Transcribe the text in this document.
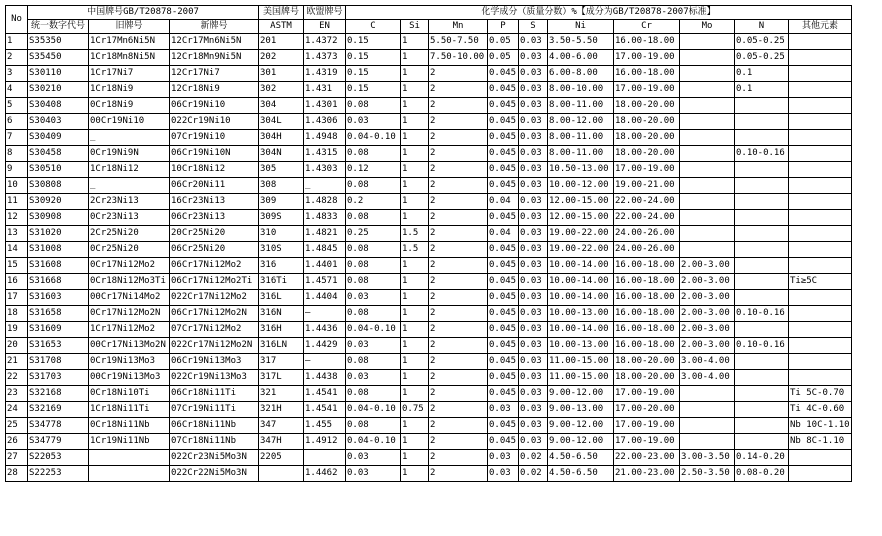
No	中国牌号GB/T20878-2007			美国牌号	欧盟牌号	化学成分（质量分数）%【成分为GB/T20878-2007标准】									
	统一数字代号	旧牌号	新牌号	ASTM	EN	C	Si	Mn	P	S	Ni	Cr	Mo	N	其他元素
1	S35350	1Cr17Mn6Ni5N	12Cr17Mn6Ni5N	201	1.4372	0.15	1	5.50-7.50	0.05	0.03	3.50-5.50	16.00-18.00		0.05-0.25	
2	S35450	1Cr18Mn8Ni5N	12Cr18Mn9Ni5N	202	1.4373	0.15	1	7.50-10.00	0.05	0.03	4.00-6.00	17.00-19.00		0.05-0.25	
3	S30110	1Cr17Ni7	12Cr17Ni7	301	1.4319	0.15	1	2	0.045	0.03	6.00-8.00	16.00-18.00		0.1	
4	S30210	1Cr18Ni9	12Cr18Ni9	302	1.431	0.15	1	2	0.045	0.03	8.00-10.00	17.00-19.00		0.1	
5	S30408	0Cr18Ni9	06Cr19Ni10	304	1.4301	0.08	1	2	0.045	0.03	8.00-11.00	18.00-20.00			
6	S30403	00Cr19Ni10	022Cr19Ni10	304L	1.4306	0.03	1	2	0.045	0.03	8.00-12.00	18.00-20.00			
7	S30409	_	07Cr19Ni10	304H	1.4948	0.04-0.10	1	2	0.045	0.03	8.00-11.00	18.00-20.00			
8	S30458	0Cr19Ni9N	06Cr19Ni10N	304N	1.4315	0.08	1	2	0.045	0.03	8.00-11.00	18.00-20.00		0.10-0.16	
9	S30510	1Cr18Ni12	10Cr18Ni12	305	1.4303	0.12	1	2	0.045	0.03	10.50-13.00	17.00-19.00			
10	S30808	_	06Cr20Ni11	308	_	0.08	1	2	0.045	0.03	10.00-12.00	19.00-21.00			
11	S30920	2Cr23Ni13	16Cr23Ni13	309	1.4828	0.2	1	2	0.04	0.03	12.00-15.00	22.00-24.00			
12	S30908	0Cr23Ni13	06Cr23Ni13	309S	1.4833	0.08	1	2	0.045	0.03	12.00-15.00	22.00-24.00			
13	S31020	2Cr25Ni20	20Cr25Ni20	310	1.4821	0.25	1.5	2	0.04	0.03	19.00-22.00	24.00-26.00			
14	S31008	0Cr25Ni20	06Cr25Ni20	310S	1.4845	0.08	1.5	2	0.045	0.03	19.00-22.00	24.00-26.00			
15	S31608	0Cr17Ni12Mo2	06Cr17Ni12Mo2	316	1.4401	0.08	1	2	0.045	0.03	10.00-14.00	16.00-18.00	2.00-3.00		
16	S31668	0Cr18Ni12Mo3Ti	06Cr17Ni12Mo2Ti	316Ti	1.4571	0.08	1	2	0.045	0.03	10.00-14.00	16.00-18.00	2.00-3.00		Ti≥5C
17	S31603	00Cr17Ni14Mo2	022Cr17Ni12Mo2	316L	1.4404	0.03	1	2	0.045	0.03	10.00-14.00	16.00-18.00	2.00-3.00		
18	S31658	0Cr17Ni12Mo2N	06Cr17Ni12Mo2N	316N	–	0.08	1	2	0.045	0.03	10.00-13.00	16.00-18.00	2.00-3.00	0.10-0.16	
19	S31609	1Cr17Ni12Mo2	07Cr17Ni12Mo2	316H	1.4436	0.04-0.10	1	2	0.045	0.03	10.00-14.00	16.00-18.00	2.00-3.00		
20	S31653	00Cr17Ni13Mo2N	022Cr17Ni12Mo2N	316LN	1.4429	0.03	1	2	0.045	0.03	10.00-13.00	16.00-18.00	2.00-3.00	0.10-0.16	
21	S31708	0Cr19Ni13Mo3	06Cr19Ni13Mo3	317	–	0.08	1	2	0.045	0.03	11.00-15.00	18.00-20.00	3.00-4.00		
22	S31703	00Cr19Ni13Mo3	022Cr19Ni13Mo3	317L	1.4438	0.03	1	2	0.045	0.03	11.00-15.00	18.00-20.00	3.00-4.00		
23	S32168	0Cr18Ni10Ti	06Cr18Ni11Ti	321	1.4541	0.08	1	2	0.045	0.03	9.00-12.00	17.00-19.00			Ti 5C-0.70
24	S32169	1Cr18Ni11Ti	07Cr19Ni11Ti	321H	1.4541	0.04-0.10	0.75	2	0.03	0.03	9.00-13.00	17.00-20.00			Ti 4C-0.60
25	S34778	0Cr18Ni11Nb	06Cr18Ni11Nb	347	1.455	0.08	1	2	0.045	0.03	9.00-12.00	17.00-19.00			Nb 10C-1.10
26	S34779	1Cr19Ni11Nb	07Cr18Ni11Nb	347H	1.4912	0.04-0.10	1	2	0.045	0.03	9.00-12.00	17.00-19.00			Nb 8C-1.10
27	S22053		022Cr23Ni5Mo3N	2205		0.03	1	2	0.03	0.02	4.50-6.50	22.00-23.00	3.00-3.50	0.14-0.20	
28	S22253		022Cr22Ni5Mo3N		1.4462	0.03	1	2	0.03	0.02	4.50-6.50	21.00-23.00	2.50-3.50	0.08-0.20	
